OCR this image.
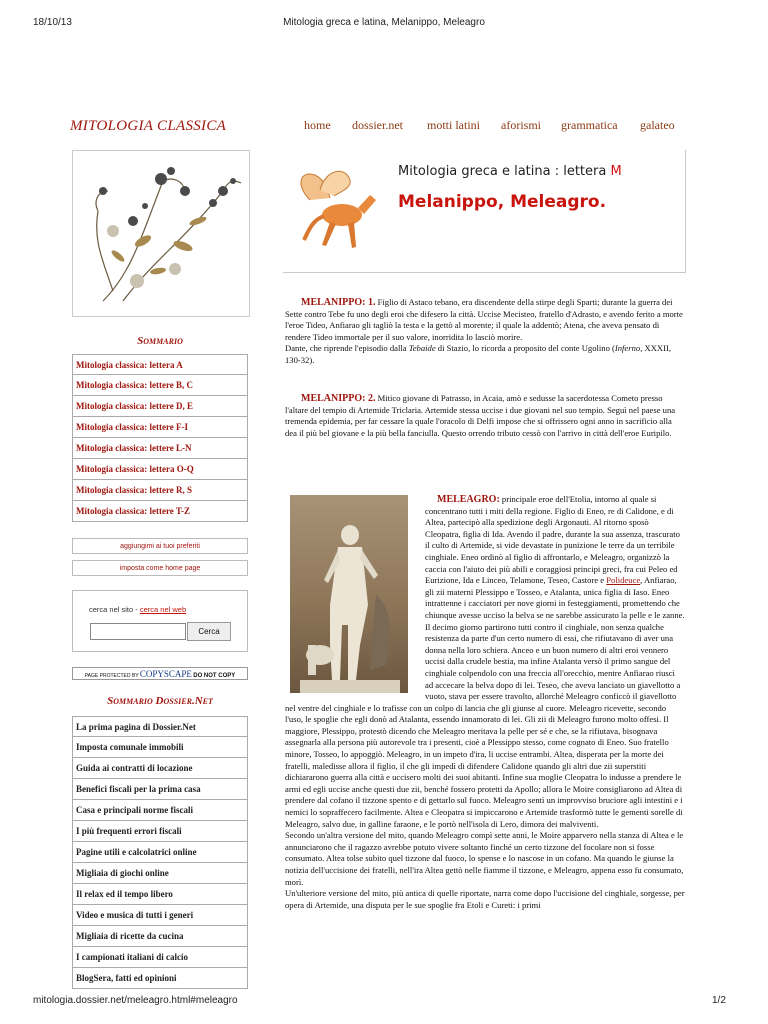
18/10/13	Mitologia greca e latina, Melanippo, Meleagro
mitologia.dossier.net/meleagro.html#meleagro	1/2
MITOLOGIA CLASSICA	home dossier.net motti latini aforismi grammatica galateo
Mitologia greca e latina : lettera M
Melanippo, Meleagro.
Sommario
Mitologia classica: lettera A
Mitologia classica: lettere B, C
Mitologia classica: lettere D, E
Mitologia classica: lettere F-I
Mitologia classica: lettere L-N
Mitologia classica: lettera O-Q
Mitologia classica: lettere R, S
Mitologia classica: lettere T-Z
aggiungimi ai tuoi preferiti
imposta come home page
cerca nel sito - cerca nel web
Cerca
PAGE PROTECTED BY COPYSCAPE DO NOT COPY
Sommario Dossier.Net
La prima pagina di Dossier.Net
Imposta comunale immobili
Guida ai contratti di locazione
Benefici fiscali per la prima casa
Casa e principali norme fiscali
I più frequenti errori fiscali
Pagine utili e calcolatrici online
Migliaia di giochi online
Il relax ed il tempo libero
Video e musica di tutti i generi
Migliaia di ricette da cucina
I campionati italiani di calcio
BlogSera, fatti ed opinioni
MELANIPPO: 1. Figlio di Astaco tebano, era discendente della stirpe degli Sparti; durante la guerra dei Sette contro Tebe fu uno degli eroi che difesero la città. Uccise Mecisteo, fratello d'Adrasto, e avendo ferito a morte l'eroe Tideo, Anfiarao gli tagliò la testa e la gettò al morente; il quale la addentò; Atena, che aveva pensato di rendere Tideo immortale per il suo valore, inorridita lo lasciò morire.
Dante, che riprende l'episodio dalla Tebaide di Stazio, lo ricorda a proposito del conte Ugolino (Inferno, XXXII, 130-32).
MELANIPPO: 2. Mitico giovane di Patrasso, in Acaia, amò e sedusse la sacerdotessa Cometo presso l'altare del tempio di Artemide Triclaria. Artemide stessa uccise i due giovani nel suo tempio. Seguì nel paese una tremenda epidemia, per far cessare la quale l'oracolo di Delfi impose che si offrissero ogni anno in sacrificio alla dea il più bel giovane e la più bella fanciulla. Questo orrendo tributo cessò con l'arrivo in città dell'eroe Euripilo.
MELEAGRO: principale eroe dell'Etolia, intorno al quale si concentrano tutti i miti della regione. Figlio di Eneo, re di Calidone, e di Altea, partecipò alla spedizione degli Argonauti. Al ritorno sposò Cleopatra, figlia di Ida. Avendo il padre, durante la sua assenza, trascurato il culto di Artemide, si vide devastate in punizione le terre da un terribile cinghiale. Eneo ordinò al figlio di affrontarlo, e Meleagro, organizzò la caccia con l'aiuto dei più abili e coraggiosi principi greci, fra cui Peleo ed Eurizione, Ida e Linceo, Telamone, Teseo, Castore e Polideuce, Anfiarao, gli zii materni Plessippo e Tosseo, e Atalanta, unica figlia di Iaso. Eneo intrattenne i cacciatori per nove giorni in festeggiamenti, promettendo che chiunque avesse ucciso la belva se ne sarebbe assicurato la pelle e le zanne. Il decimo giorno partirono tutti contro il cinghiale, non senza qualche resistenza da parte d'un certo numero di essi, che rifiutavano di aver una donna nella loro schiera. Anceo e un buon numero di altri eroi vennero uccisi dalla crudele bestia, ma infine Atalanta versò il primo sangue del cinghiale colpendolo con una freccia all'orecchio, mentre Anfiarao riuscì ad accecare la belva dopo di lei. Teseo, che aveva lanciato un giavellotto a vuoto, stava per essere travolto, allorché Meleagro conficcò il giavellotto nel ventre del cinghiale e lo trafisse con un colpo di lancia che gli giunse al cuore. Meleagro ricevette, secondo l'uso, le spoglie che egli donò ad Atalanta, essendo innamorato di lei. Gli zii di Meleagro furono molto offesi. Il maggiore, Plessippo, protestò dicendo che Meleagro meritava la pelle per sé e che, se la rifiutava, bisognava assegnarla alla persona più autorevole tra i presenti, cioè a Plessippo stesso, come cognato di Eneo. Suo fratello minore, Tosseo, lo appoggiò. Meleagro, in un impeto d'ira, li uccise entrambi. Altea, disperata per la morte dei fratelli, maledisse allora il figlio, il che gli impedì di difendere Calidone quando gli altri due zii superstiti dichiararono guerra alla città e uccisero molti dei suoi abitanti. Infine sua moglie Cleopatra lo indusse a prendere le armi ed egli uccise anche questi due zii, benché fossero protetti da Apollo; allora le Moire consigliarono ad Altea di prendere dal cofano il tizzone spento e di gettarlo sul fuoco. Meleagro sentì un improvviso bruciore agli intestini e i nemici lo sopraffecero facilmente. Altea e Cleopatra si impiccarono e Artemide trasformò tutte le gementi sorelle di Meleagro, salvo due, in galline faraone, e le portò nell'isola di Lero, dimora dei malviventi.
Secondo un'altra versione del mito, quando Meleagro compì sette anni, le Moire apparvero nella stanza di Altea e le annunciarono che il ragazzo avrebbe potuto vivere soltanto finché un certo tizzone del focolare non si fosse consumato. Altea tolse subito quel tizzone dal fuoco, lo spense e lo nascose in un cofano. Ma quando le giunse la notizia dell'uccisione dei fratelli, nell'ira Altea gettò nelle fiamme il tizzone, e Meleagro, appena esso fu consumato, morì.
Un'ulteriore versione del mito, più antica di quelle riportate, narra come dopo l'uccisione del cinghiale, sorgesse, per opera di Artemide, una disputa per le sue spoglie fra Etoli e Cureti: i primi
